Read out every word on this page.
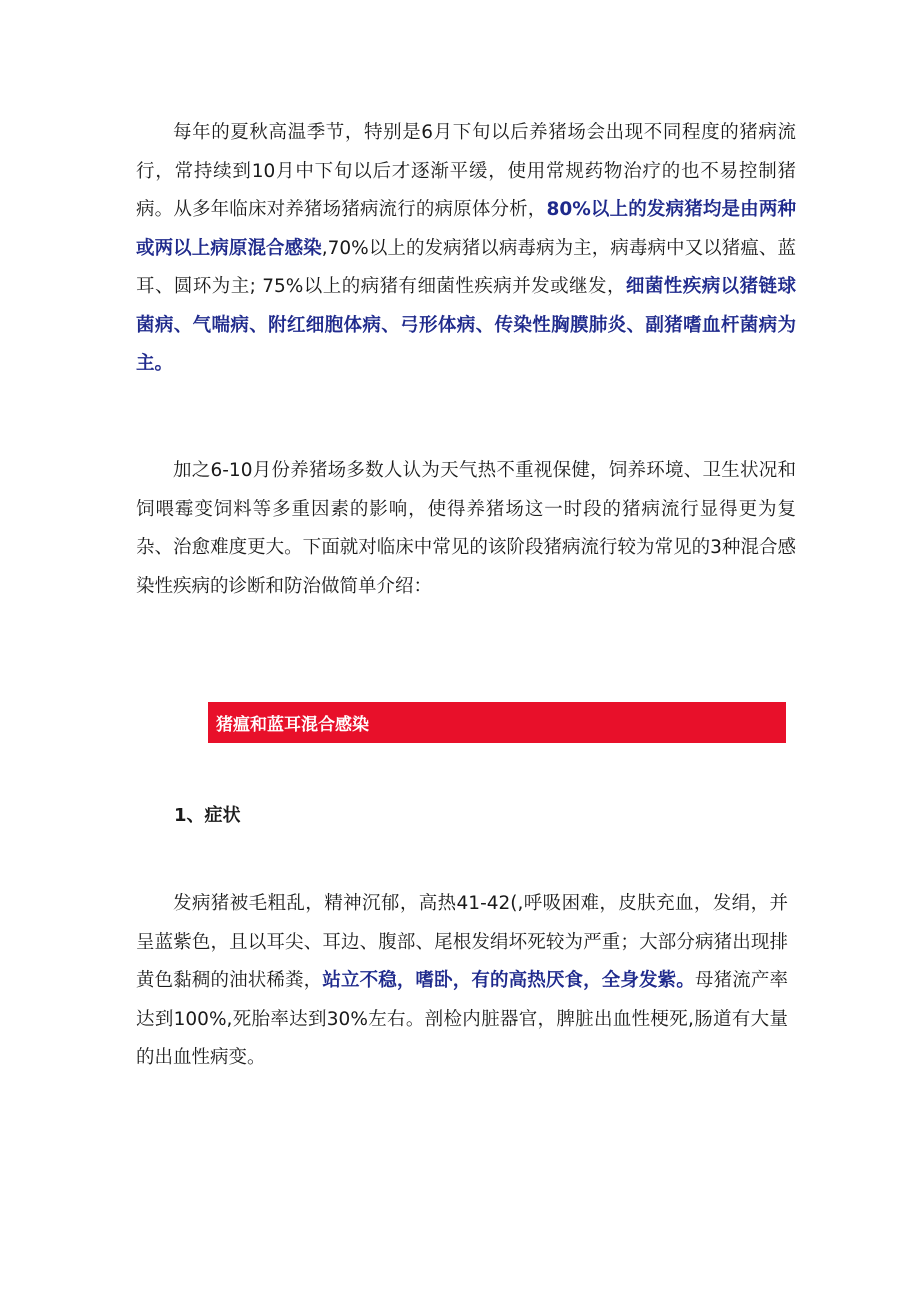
每年的夏秋高温季节，特别是6月下旬以后养猪场会出现不同程度的猪病流行，常持续到10月中下旬以后才逐渐平缓，使用常规药物治疗的也不易控制猪病。从多年临床对养猪场猪病流行的病原体分析，80%以上的发病猪均是由两种或两以上病原混合感染,70%以上的发病猪以病毒病为主，病毒病中又以猪瘟、蓝耳、圆环为主; 75%以上的病猪有细菌性疾病并发或继发，细菌性疾病以猪链球菌病、气喘病、附红细胞体病、弓形体病、传染性胸膜肺炎、副猪嗜血杆菌病为主。

加之6-10月份养猪场多数人认为天气热不重视保健，饲养环境、卫生状况和饲喂霉变饲料等多重因素的影响，使得养猪场这一时段的猪病流行显得更为复杂、治愈难度更大。下面就对临床中常见的该阶段猪病流行较为常见的3种混合感染性疾病的诊断和防治做简单介绍：

猪瘟和蓝耳混合感染
1、症状

发病猪被毛粗乱，精神沉郁，高热41-42(,呼吸困难，皮肤充血，发绢，并呈蓝紫色，且以耳尖、耳边、腹部、尾根发绢坏死较为严重；大部分病猪出现排黄色黏稠的油状稀粪，站立不稳，嗜卧，有的高热厌食，全身发紫。母猪流产率达到100%,死胎率达到30%左右。剖检内脏器官，脾脏出血性梗死,肠道有大量的出血性病变。
